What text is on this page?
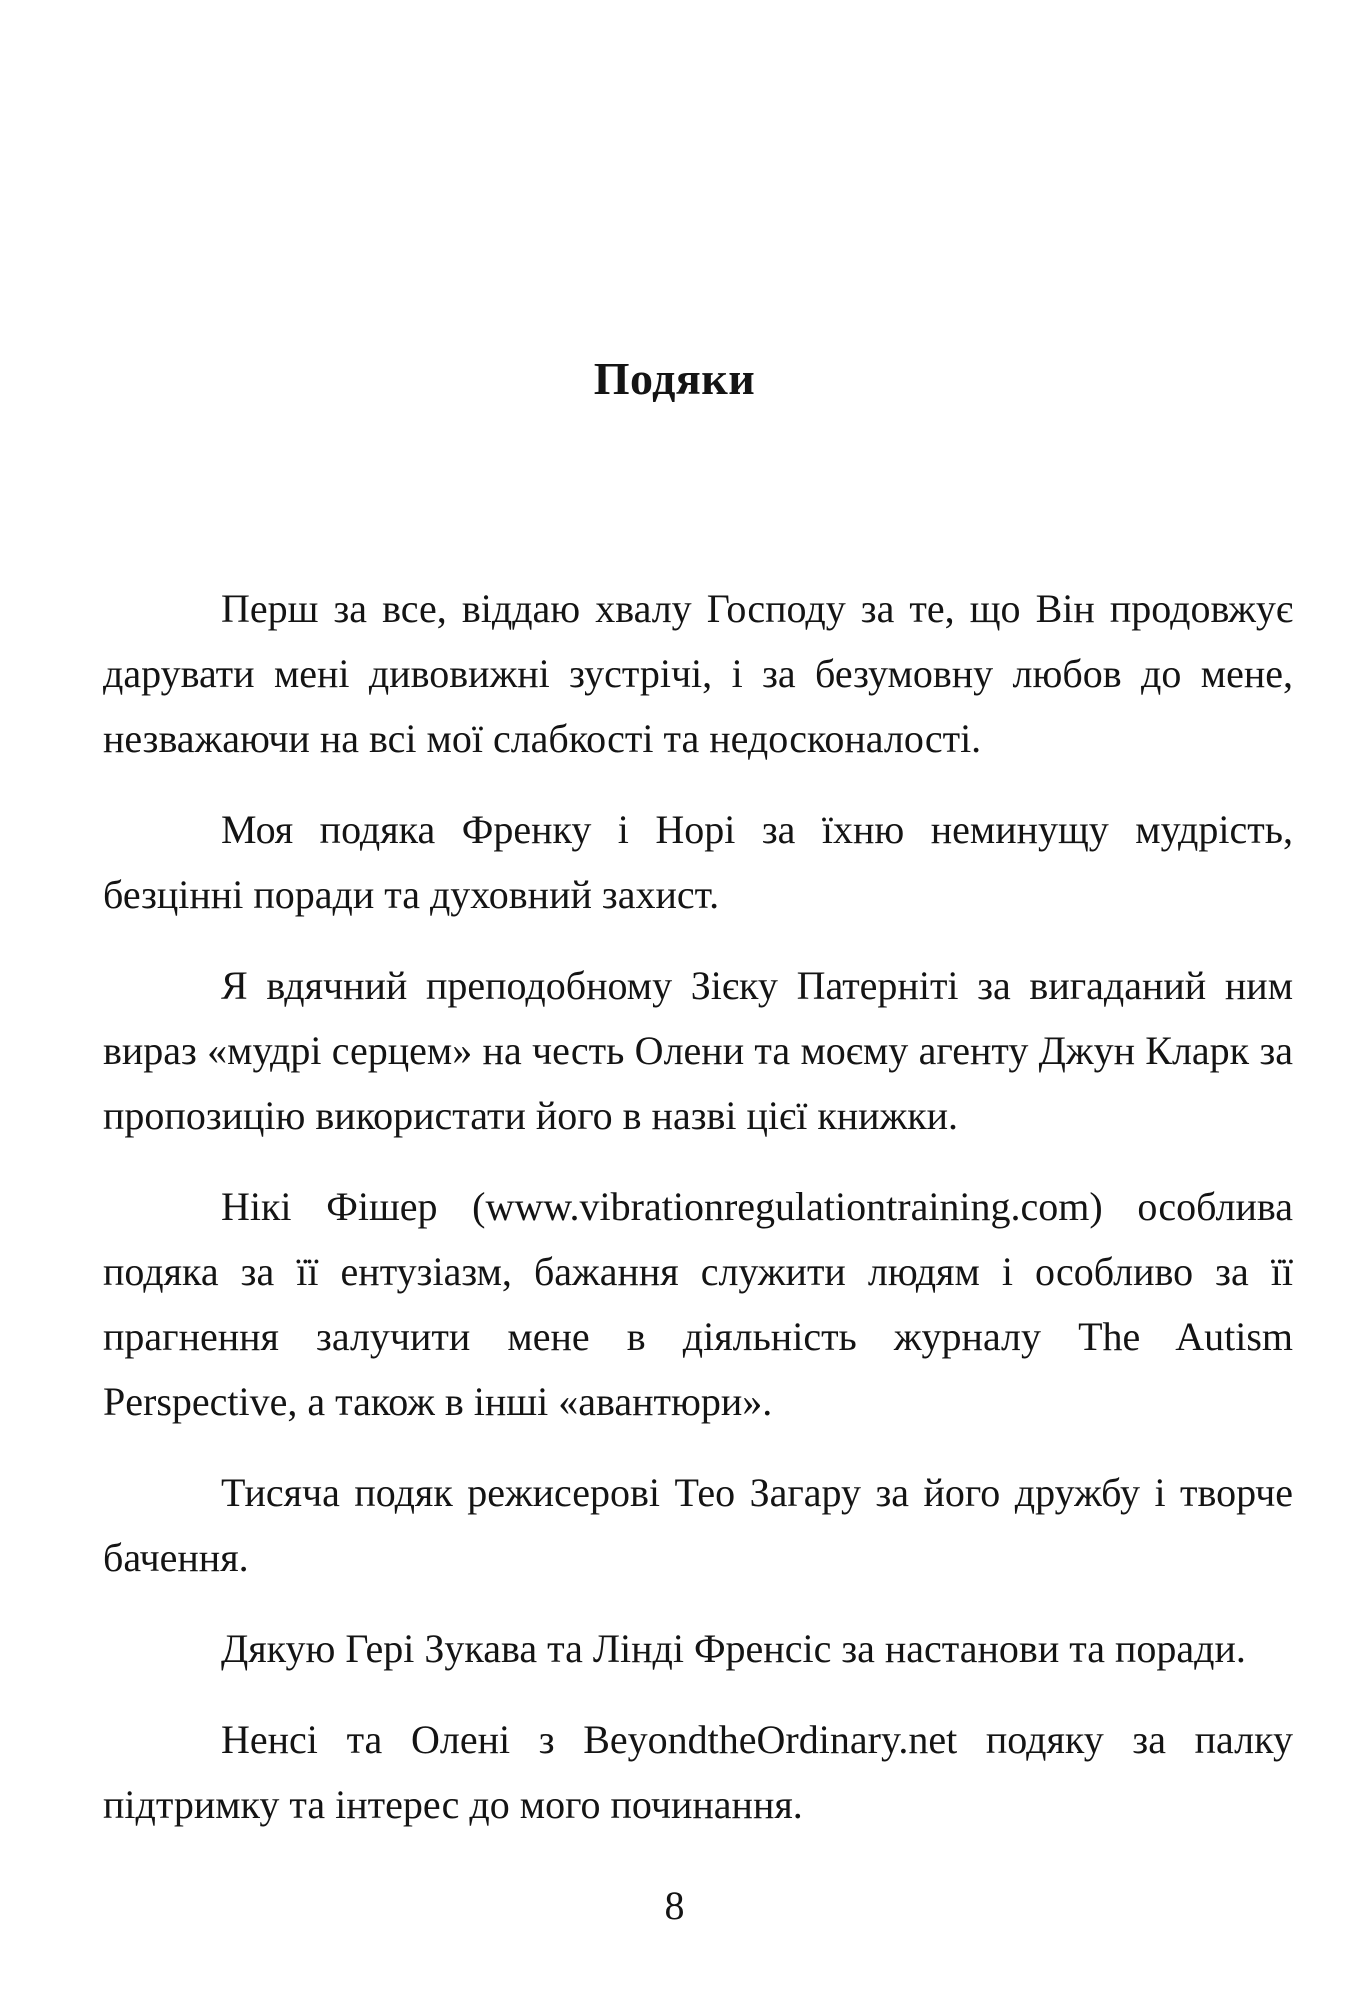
Подяки

Перш за все, віддаю хвалу Господу за те, що Він продовжує дарувати мені дивовижні зустрічі, і за безумовну любов до мене, незважаючи на всі мої слабкості та недосконалості.

Моя подяка Френку і Норі за їхню неминущу мудрість, безцінні поради та духовний захист.

Я вдячний преподобному Зієку Патерніті за вигаданий ним вираз «мудрі серцем» на честь Олени та моєму агенту Джун Кларк за пропозицію використати його в назві цієї книжки.

Нікі Фішер (www.vibrationregulationtraining.com) особлива подяка за її ентузіазм, бажання служити людям і особливо за її прагнення залучити мене в діяльність журналу The Autism Perspective, а також в інші «авантюри».

Тисяча подяк режисерові Тео Загару за його дружбу і творче бачення.

Дякую Гері Зукава та Лінді Френсіс за настанови та поради.

Ненсі та Олені з BeyondtheOrdinary.net подяку за палку підтримку та інтерес до мого починання.

8
